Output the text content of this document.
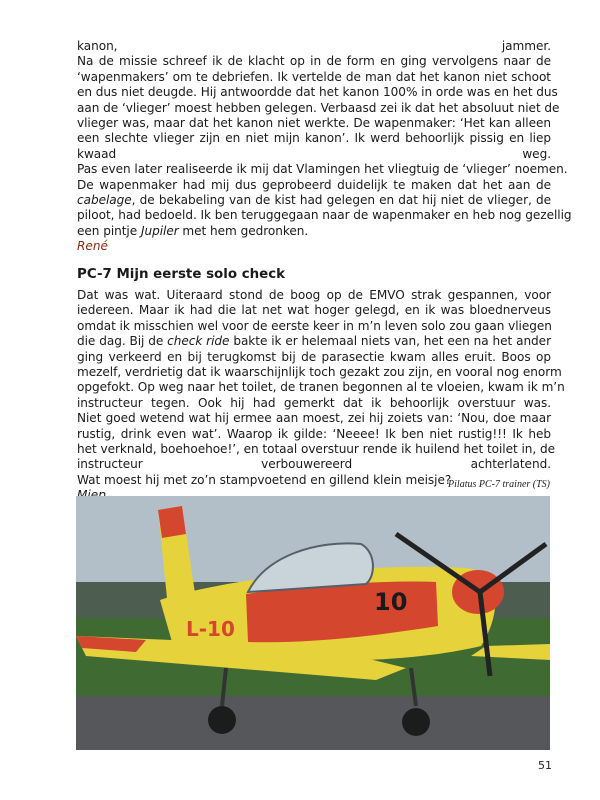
kanon, jammer.

Na de missie schreef ik de klacht op in de form en ging vervolgens naar de

‘wapenmakers’ om te debriefen. Ik vertelde de man dat het kanon niet schoot

en dus niet deugde. Hij antwoordde dat het kanon 100% in orde was en het dus

aan de ‘vlieger’ moest hebben gelegen. Verbaasd zei ik dat het absoluut niet de

vlieger was, maar dat het kanon niet werkte. De wapenmaker: ‘Het kan alleen

een slechte vlieger zijn en niet mijn kanon’. Ik werd behoorlijk pissig en liep

kwaad weg.

Pas even later realiseerde ik mij dat Vlamingen het vliegtuig de ‘vlieger’ noemen.

De wapenmaker had mij dus geprobeerd duidelijk te maken dat het aan de

cabelage, de bekabeling van de kist had gelegen en dat hij niet de vlieger, de

piloot, had bedoeld. Ik ben teruggegaan naar de wapenmaker en heb nog gezellig

een pintje Jupiler met hem gedronken.

René

PC-7 Mijn eerste solo check

Dat was wat. Uiteraard stond de boog op de EMVO strak gespannen, voor

iedereen. Maar ik had die lat net wat hoger gelegd, en ik was bloednerveus

omdat ik misschien wel voor de eerste keer in m’n leven solo zou gaan vliegen

die dag. Bij de check ride bakte ik er helemaal niets van, het een na het ander

ging verkeerd en bij terugkomst bij de parasectie kwam alles eruit. Boos op

mezelf, verdrietig dat ik waarschijnlijk toch gezakt zou zijn, en vooral nog enorm

opgefokt. Op weg naar het toilet, de tranen begonnen al te vloeien, kwam ik m’n

instructeur tegen. Ook hij had gemerkt dat ik behoorlijk overstuur was.

Niet goed wetend wat hij ermee aan moest, zei hij zoiets van: ‘Nou, doe maar

rustig, drink even wat’. Waarop ik gilde: ‘Neeee! Ik ben niet rustig!!! Ik heb

het verknald, boehoehoe!’, en totaal overstuur rende ik huilend het toilet in, de

instructeur verbouwereerd achterlatend.

Wat moest hij met zo’n stampvoetend en gillend klein meisje?

Pilatus PC-7 trainer (TS)
L-10
10
51
